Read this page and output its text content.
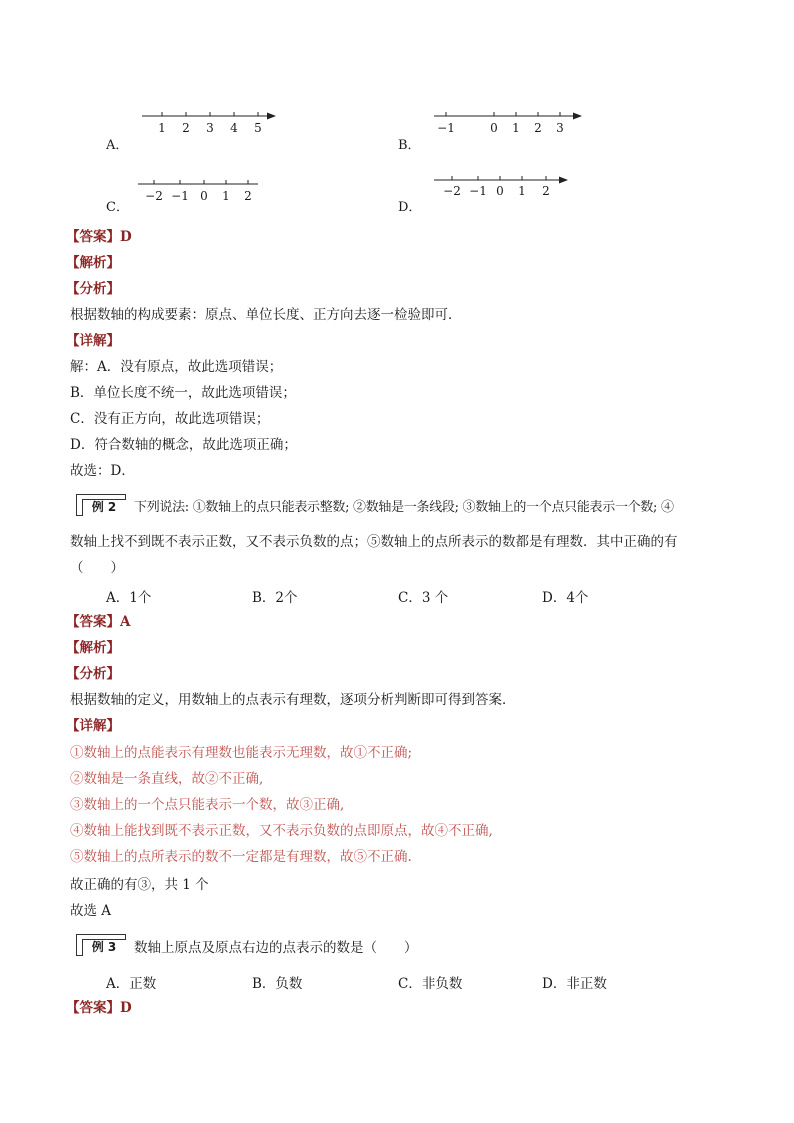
A．
1 2 3 4 5
B．
−1	0 1 2 3
C．
−2 −1 0 1 2
D．
−2 −1 0 1 2
【答案】D
【解析】
【分析】
根据数轴的构成要素：原点、单位长度、正方向去逐一检验即可．
【详解】
解：A．没有原点，故此选项错误；
B．单位长度不统一，故此选项错误；
C．没有正方向，故此选项错误；
D．符合数轴的概念，故此选项正确；
故选：D．
例 2	下列说法: ①数轴上的点只能表示整数; ②数轴是一条线段; ③数轴上的一个点只能表示一个数; ④
数轴上找不到既不表示正数，又不表示负数的点；⑤数轴上的点所表示的数都是有理数．其中正确的有
（　　）
A．1个	B．2个	C．3 个	D．4个
【答案】A
【解析】
【分析】
根据数轴的定义，用数轴上的点表示有理数，逐项分析判断即可得到答案．
【详解】
①数轴上的点能表示有理数也能表示无理数，故①不正确;
②数轴是一条直线，故②不正确,
③数轴上的一个点只能表示一个数，故③正确,
④数轴上能找到既不表示正数，又不表示负数的点即原点，故④不正确,
⑤数轴上的点所表示的数不一定都是有理数，故⑤不正确.
故正确的有③，共 1 个
故选 A
例 3	数轴上原点及原点右边的点表示的数是（　　）
A．正数	B．负数	C．非负数	D．非正数
【答案】D
